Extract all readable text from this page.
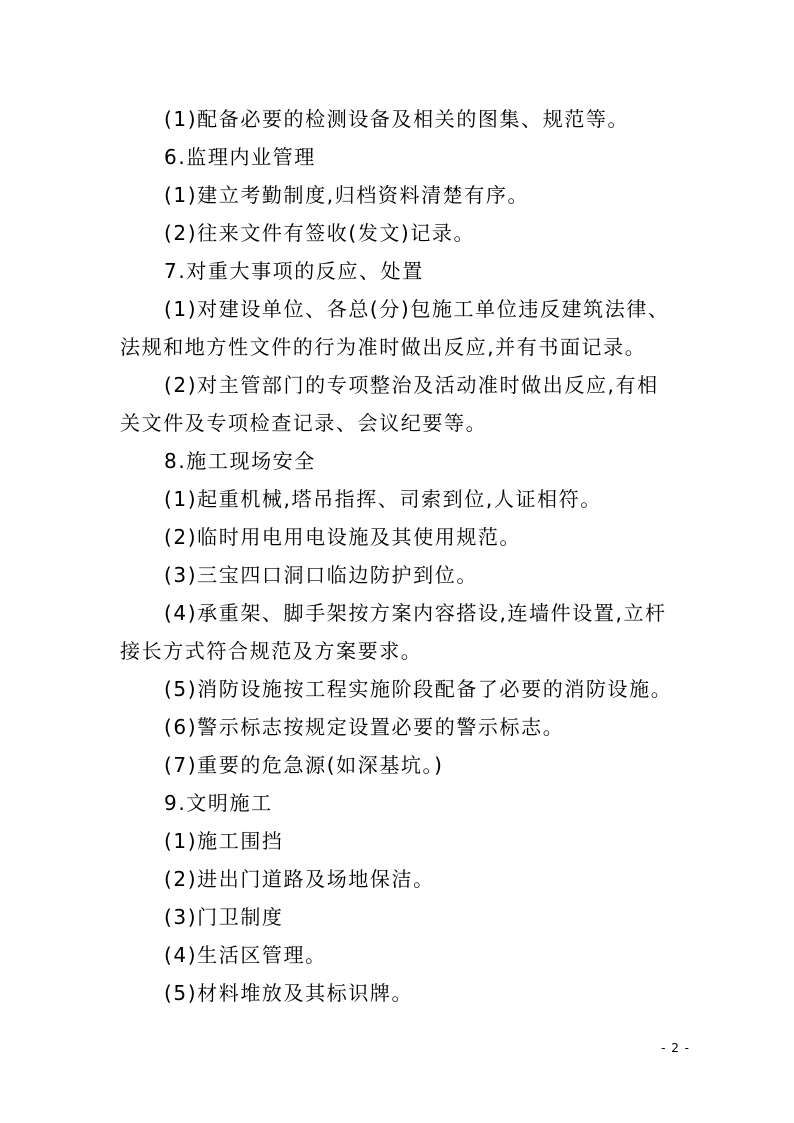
(1)配备必要的检测设备及相关的图集、规范等。
6.监理内业管理
(1)建立考勤制度,归档资料清楚有序。
(2)往来文件有签收(发文)记录。
7.对重大事项的反应、处置
(1)对建设单位、各总(分)包施工单位违反建筑法律、
法规和地方性文件的行为准时做出反应,并有书面记录。
(2)对主管部门的专项整治及活动准时做出反应,有相
关文件及专项检查记录、会议纪要等。
8.施工现场安全
(1)起重机械,塔吊指挥、司索到位,人证相符。
(2)临时用电用电设施及其使用规范。
(3)三宝四口洞口临边防护到位。
(4)承重架、脚手架按方案内容搭设,连墙件设置,立杆
接长方式符合规范及方案要求。
(5)消防设施按工程实施阶段配备了必要的消防设施。
(6)警示标志按规定设置必要的警示标志。
(7)重要的危急源(如深基坑。)
9.文明施工
(1)施工围挡
(2)进出门道路及场地保洁。
(3)门卫制度
(4)生活区管理。
(5)材料堆放及其标识牌。
- 2 -
